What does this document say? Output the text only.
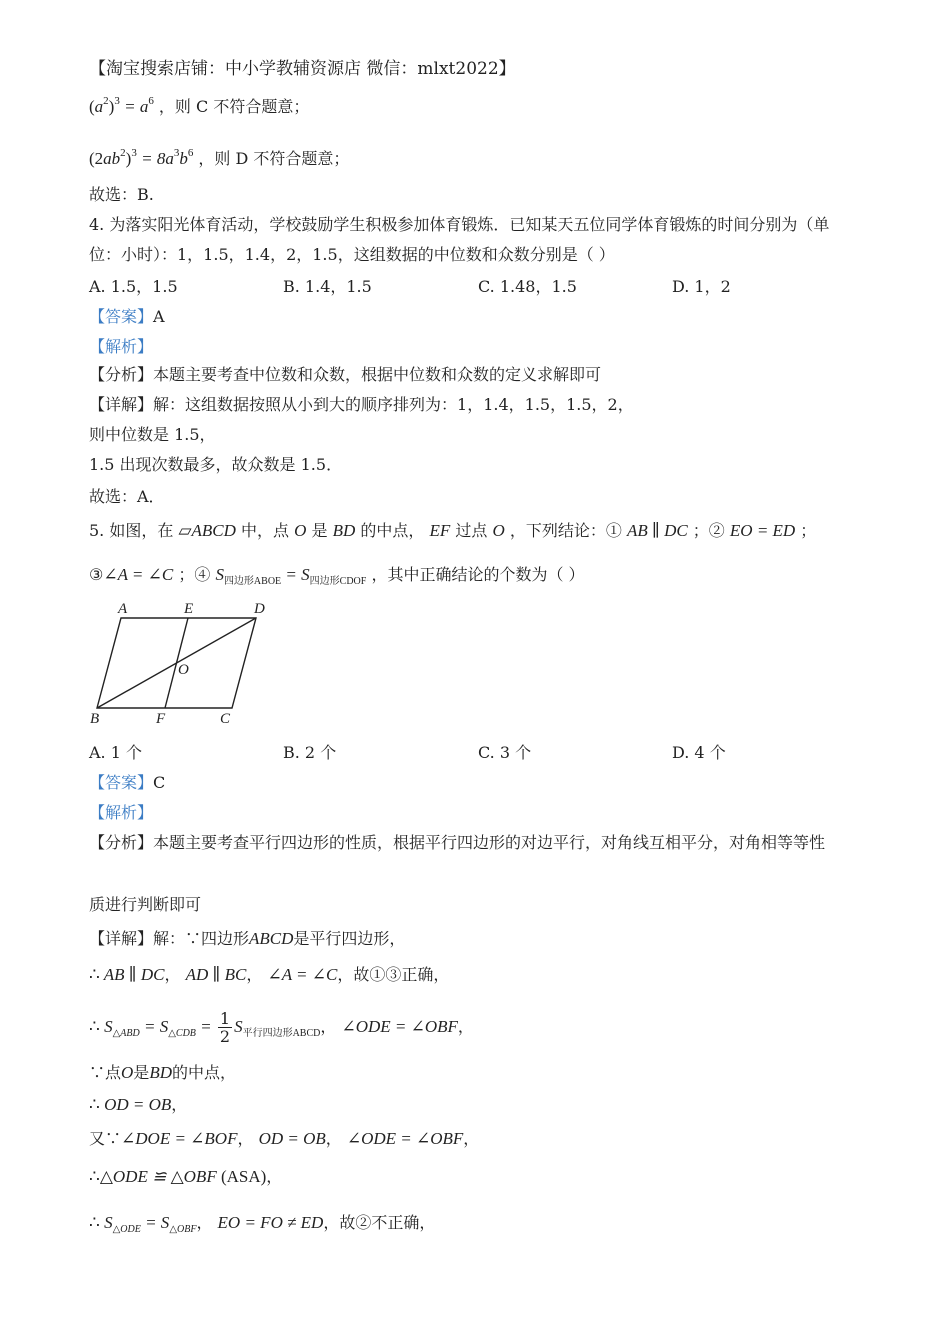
【淘宝搜索店铺：中小学教辅资源店 微信：mlxt2022】
$(a^2)^3 = a^6$ ，则 C 不符合题意；
$(2ab^2)^3 = 8a^3b^6$ ，则 D 不符合题意；
故选：B.
4. 为落实阳光体育活动，学校鼓励学生积极参加体育锻炼．已知某天五位同学体育锻炼的时间分别为（单
位：小时）：1，1.5，1.4，2，1.5，这组数据的中位数和众数分别是（ ）
A. 1.5，1.5	B. 1.4，1.5	C. 1.48，1.5	D. 1，2
【答案】A
【解析】
【分析】本题主要考查中位数和众数，根据中位数和众数的定义求解即可
【详解】解：这组数据按照从小到大的顺序排列为：1，1.4，1.5，1.5，2，
则中位数是 1.5，
1.5 出现次数最多，故众数是 1.5．
故选：A．
5. 如图，在 ▱ABCD 中，点 O 是 BD 的中点， EF 过点 O ，下列结论：① AB ∥ DC ；② EO = ED ；
③∠A = ∠C ；④ $S_{四边形ABOE} = S_{四边形CDOF}$ ，其中正确结论的个数为（ ）
A	E	D
O
B	F	C
A. 1 个	B. 2 个	C. 3 个	D. 4 个
【答案】C
【解析】
【分析】本题主要考查平行四边形的性质，根据平行四边形的对边平行，对角线互相平分，对角相等等性
质进行判断即可
【详解】解：∵四边形ABCD是平行四边形，
∴ AB ∥ DC， AD ∥ BC， ∠A = ∠C，故①③正确，
∴ $S_{\triangle ABD} = S_{\triangle CDB} = \frac{1}{2} S_{平行四边形ABCD}$， ∠ODE = ∠OBF，
∵点O是BD的中点，
∴ OD = OB，
又∵∠DOE = ∠BOF， OD = OB， ∠ODE = ∠OBF，
∴△ODE ≌ △OBF (ASA)，
∴ $S_{\triangle ODE} = S_{\triangle OBF}$， EO = FO ≠ ED，故②不正确，
